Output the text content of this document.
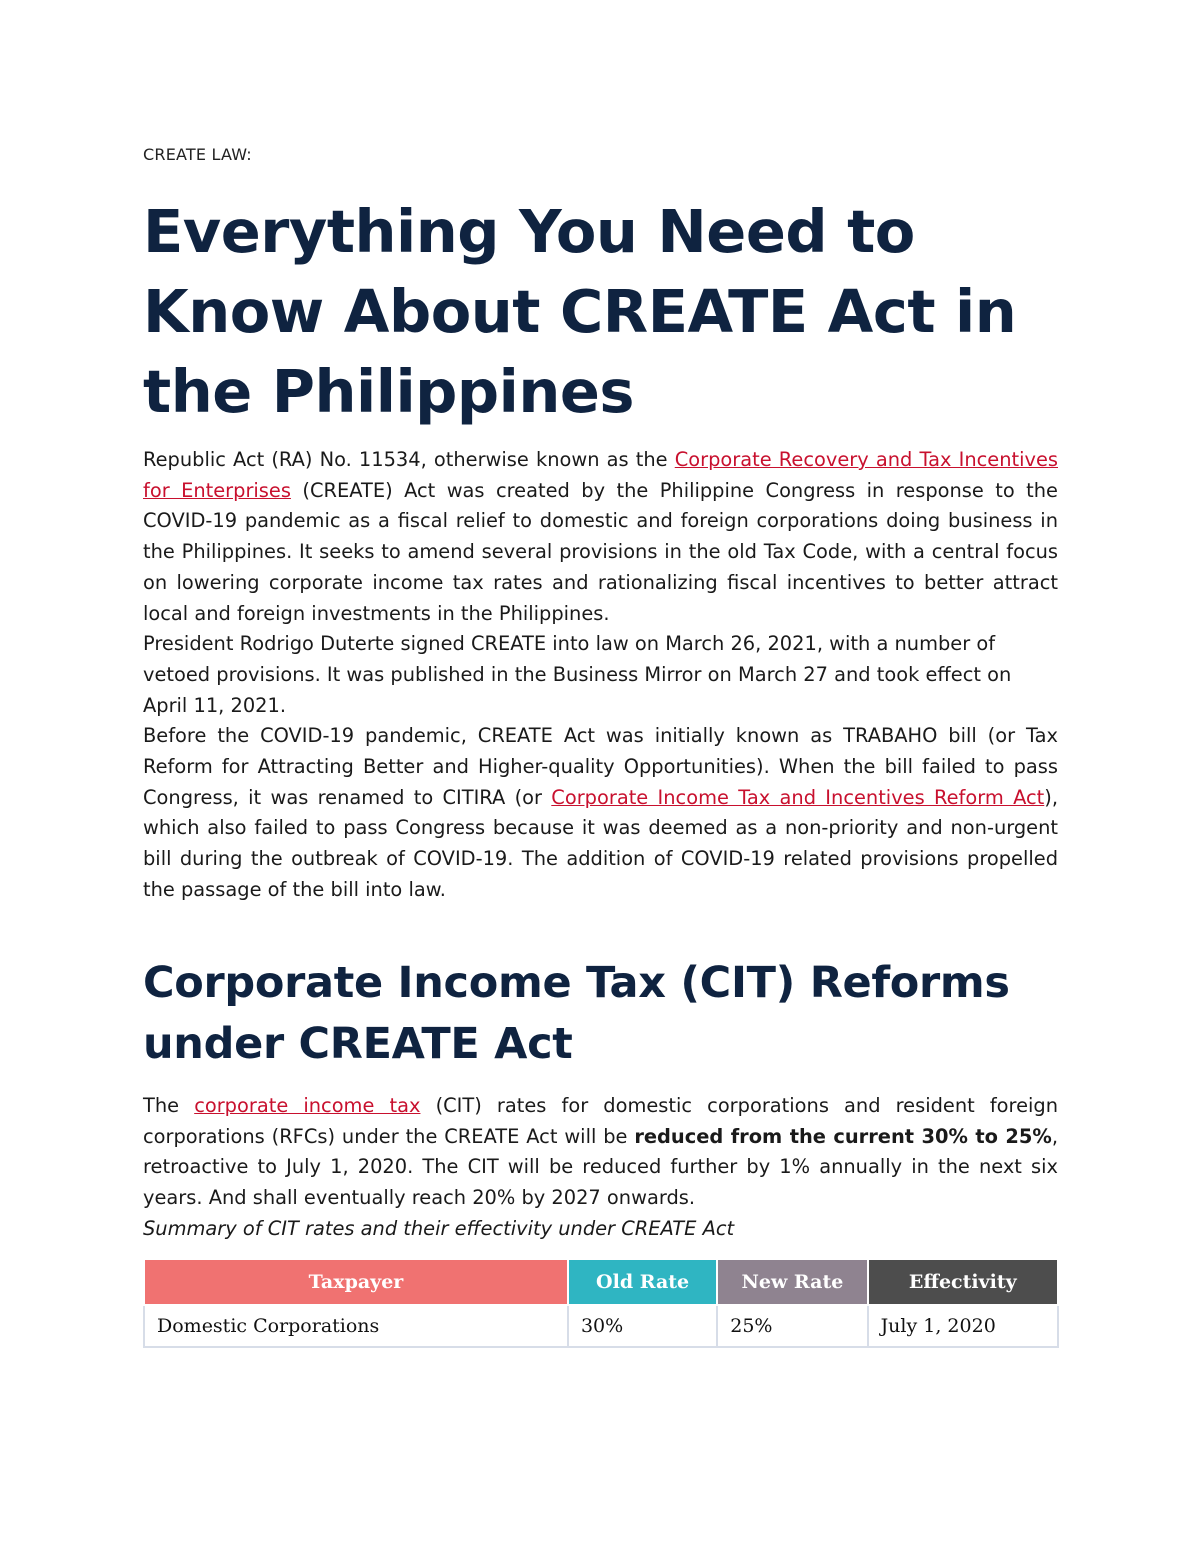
CREATE LAW:
Everything You Need to Know About CREATE Act in the Philippines

Republic Act (RA) No. 11534, otherwise known as the Corporate Recovery and Tax Incentives for Enterprises (CREATE) Act was created by the Philippine Congress in response to the COVID-19 pandemic as a fiscal relief to domestic and foreign corporations doing business in the Philippines. It seeks to amend several provisions in the old Tax Code, with a central focus on lowering corporate income tax rates and rationalizing fiscal incentives to better attract local and foreign investments in the Philippines.

President Rodrigo Duterte signed CREATE into law on March 26, 2021, with a number of vetoed provisions. It was published in the Business Mirror on March 27 and took effect on April 11, 2021.

Before the COVID-19 pandemic, CREATE Act was initially known as TRABAHO bill (or Tax Reform for Attracting Better and Higher-quality Opportunities). When the bill failed to pass Congress, it was renamed to CITIRA (or Corporate Income Tax and Incentives Reform Act), which also failed to pass Congress because it was deemed as a non-priority and non-urgent bill during the outbreak of COVID-19. The addition of COVID-19 related provisions propelled the passage of the bill into law.

Corporate Income Tax (CIT) Reforms under CREATE Act

The corporate income tax (CIT) rates for domestic corporations and resident foreign corporations (RFCs) under the CREATE Act will be reduced from the current 30% to 25%, retroactive to July 1, 2020. The CIT will be reduced further by 1% annually in the next six years. And shall eventually reach 20% by 2027 onwards.

Summary of CIT rates and their effectivity under CREATE Act

Taxpayer	Old Rate	New Rate	Effectivity
Domestic Corporations	30%	25%	July 1, 2020
